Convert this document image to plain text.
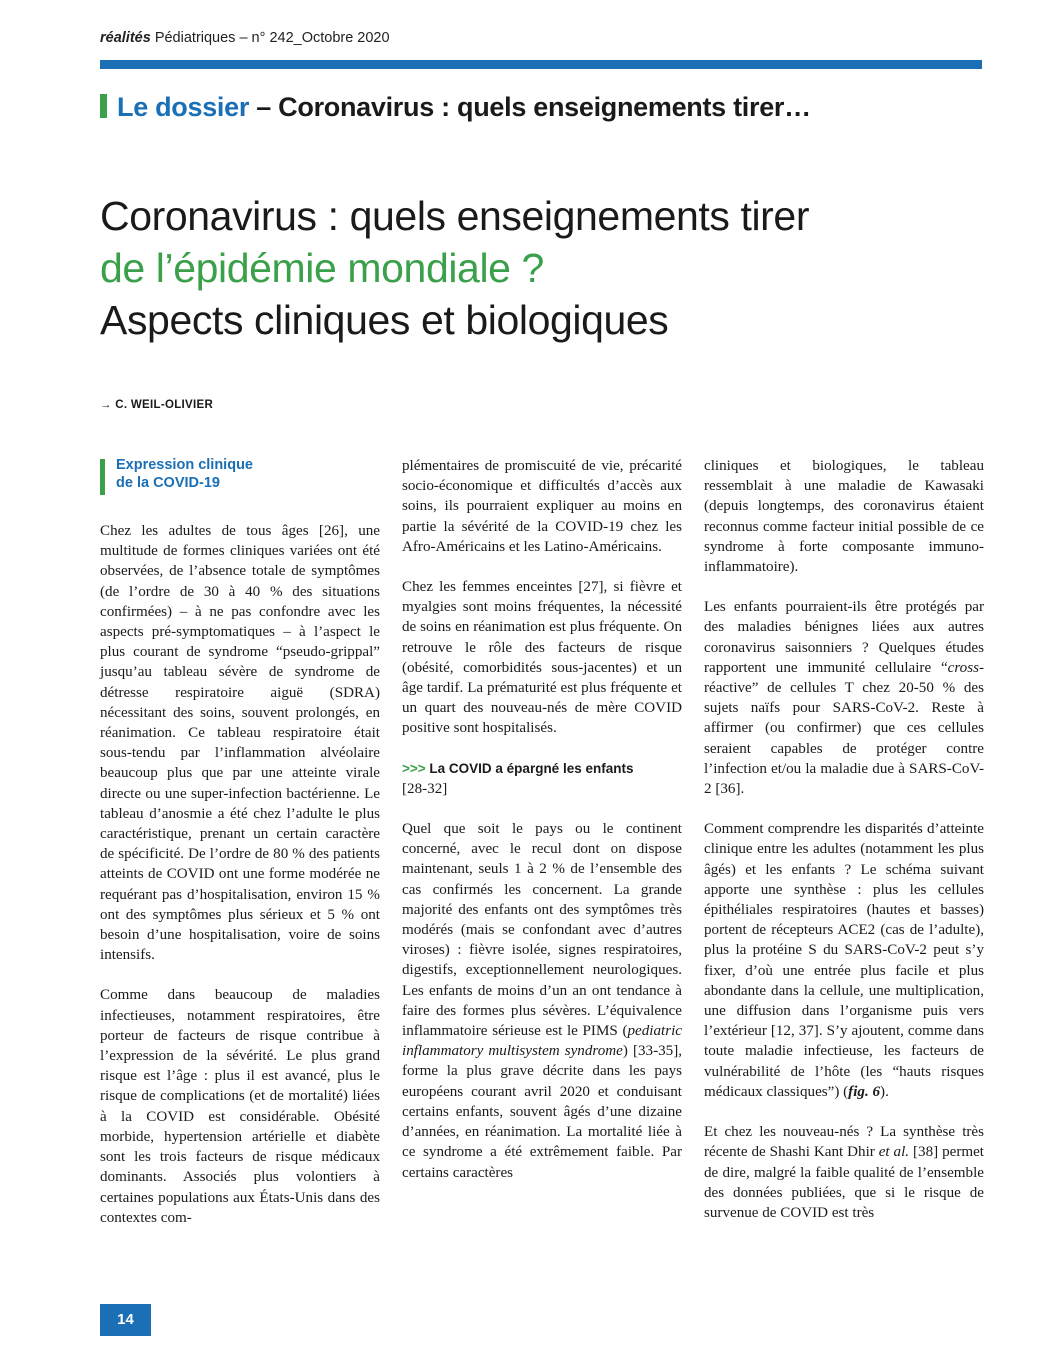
réalités Pédiatriques – n° 242_Octobre 2020
Le dossier – Coronavirus : quels enseignements tirer…
Coronavirus : quels enseignements tirer
de l’épidémie mondiale ?
Aspects cliniques et biologiques
→ C. WEIL-OLIVIER
Expression clinique
de la COVID-19

Chez les adultes de tous âges [26], une multitude de formes cliniques variées ont été observées, de l’absence totale de symptômes (de l’ordre de 30 à 40 % des situations confirmées) – à ne pas confondre avec les aspects pré-symptomatiques – à l’aspect le plus courant de syndrome “pseudo-grippal” jusqu’au tableau sévère de syndrome de détresse respiratoire aiguë (SDRA) nécessitant des soins, souvent prolongés, en réanimation. Ce tableau respiratoire était sous-tendu par l’inflammation alvéolaire beaucoup plus que par une atteinte virale directe ou une super-infection bactérienne. Le tableau d’anosmie a été chez l’adulte le plus caractéristique, prenant un certain caractère de spécificité. De l’ordre de 80 % des patients atteints de COVID ont une forme modérée ne requérant pas d’hospitalisation, environ 15 % ont des symptômes plus sérieux et 5 % ont besoin d’une hospitalisation, voire de soins intensifs.

Comme dans beaucoup de maladies infectieuses, notamment respiratoires, être porteur de facteurs de risque contribue à l’expression de la sévérité. Le plus grand risque est l’âge : plus il est avancé, plus le risque de complications (et de mortalité) liées à la COVID est considérable. Obésité morbide, hypertension artérielle et diabète sont les trois facteurs de risque médicaux dominants. Associés plus volontiers à certaines populations aux États-Unis dans des contextes com-

plémentaires de promiscuité de vie, précarité socio-économique et difficultés d’accès aux soins, ils pourraient expliquer au moins en partie la sévérité de la COVID-19 chez les Afro-Américains et les Latino-Américains.

Chez les femmes enceintes [27], si fièvre et myalgies sont moins fréquentes, la nécessité de soins en réanimation est plus fréquente. On retrouve le rôle des facteurs de risque (obésité, comorbidités sous-jacentes) et un âge tardif. La prématurité est plus fréquente et un quart des nouveau-nés de mère COVID positive sont hospitalisés.

>>> La COVID a épargné les enfants
[28-32]

Quel que soit le pays ou le continent concerné, avec le recul dont on dispose maintenant, seuls 1 à 2 % de l’ensemble des cas confirmés les concernent. La grande majorité des enfants ont des symptômes très modérés (mais se confondant avec d’autres viroses) : fièvre isolée, signes respiratoires, digestifs, exceptionnellement neurologiques. Les enfants de moins d’un an ont tendance à faire des formes plus sévères. L’équivalence inflammatoire sérieuse est le PIMS (pediatric inflammatory multisystem syndrome) [33-35], forme la plus grave décrite dans les pays européens courant avril 2020 et conduisant certains enfants, souvent âgés d’une dizaine d’années, en réanimation. La mortalité liée à ce syndrome a été extrêmement faible. Par certains caractères

cliniques et biologiques, le tableau ressemblait à une maladie de Kawasaki (depuis longtemps, des coronavirus étaient reconnus comme facteur initial possible de ce syndrome à forte composante immuno-inflammatoire).

Les enfants pourraient-ils être protégés par des maladies bénignes liées aux autres coronavirus saisonniers ? Quelques études rapportent une immunité cellulaire “cross-réactive” de cellules T chez 20-50 % des sujets naïfs pour SARS-CoV-2. Reste à affirmer (ou confirmer) que ces cellules seraient capables de protéger contre l’infection et/ou la maladie due à SARS-CoV-2 [36].

Comment comprendre les disparités d’atteinte clinique entre les adultes (notamment les plus âgés) et les enfants ? Le schéma suivant apporte une synthèse : plus les cellules épithéliales respiratoires (hautes et basses) portent de récepteurs ACE2 (cas de l’adulte), plus la protéine S du SARS-CoV-2 peut s’y fixer, d’où une entrée plus facile et plus abondante dans la cellule, une multiplication, une diffusion dans l’organisme puis vers l’extérieur [12, 37]. S’y ajoutent, comme dans toute maladie infectieuse, les facteurs de vulnérabilité de l’hôte (les “hauts risques médicaux classiques”) (fig. 6).

Et chez les nouveau-nés ? La synthèse très récente de Shashi Kant Dhir et al. [38] permet de dire, malgré la faible qualité de l’ensemble des données publiées, que si le risque de survenue de COVID est très

14
